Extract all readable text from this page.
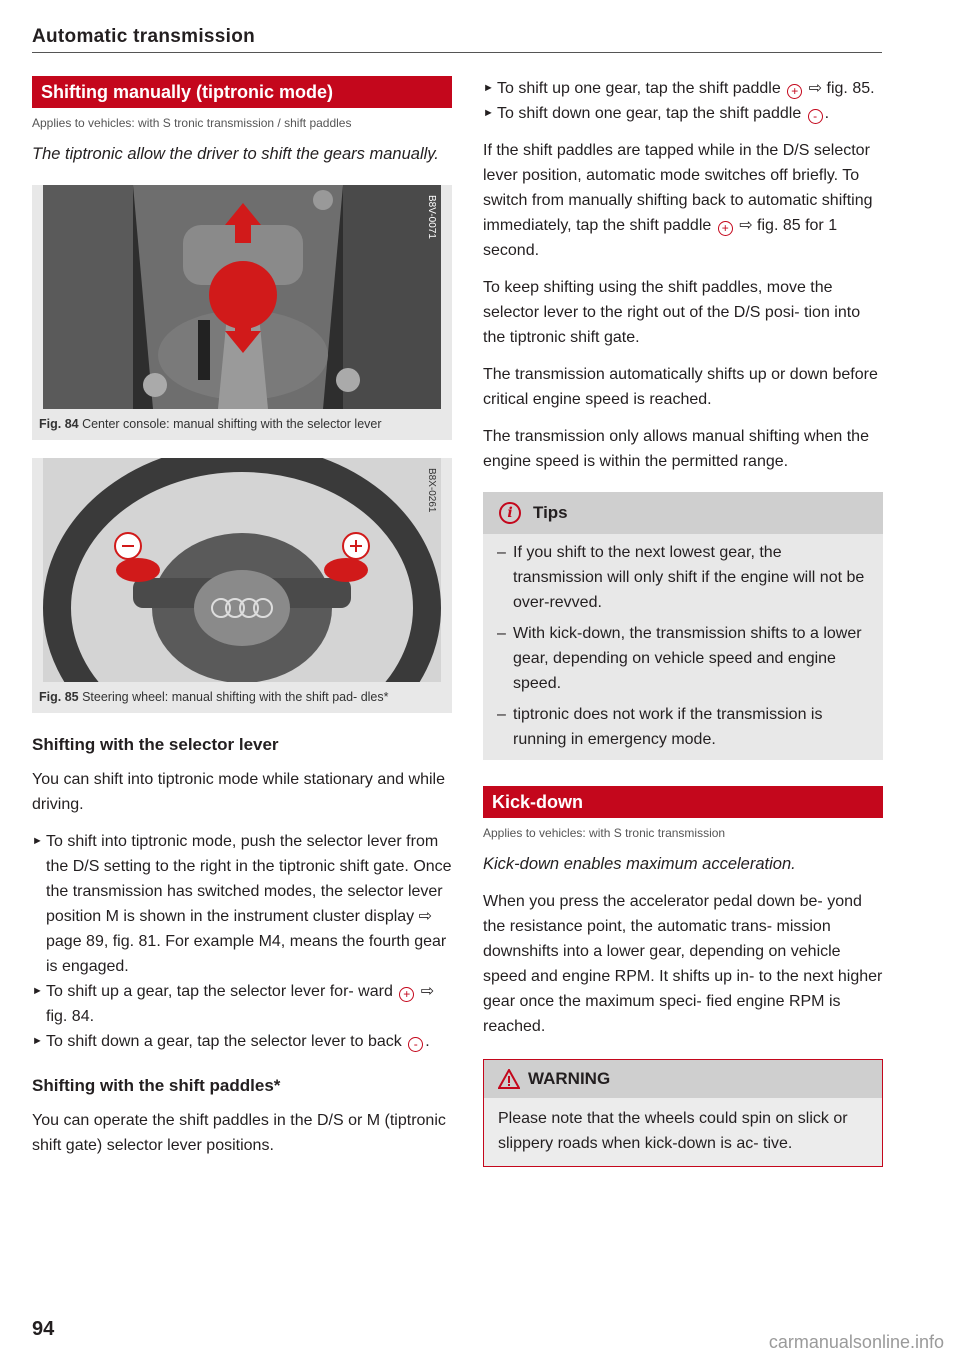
Automatic transmission
Shifting manually (tiptronic mode)
Applies to vehicles: with S tronic transmission / shift paddles
The tiptronic allow the driver to shift the gears manually.
B8V-0071
Fig. 84 Center console: manual shifting with the selector lever
B8X-0261
Fig. 85 Steering wheel: manual shifting with the shift pad- dles*
Shifting with the selector lever

You can shift into tiptronic mode while stationary and while driving.

► To shift into tiptronic mode, push the selector lever from the D/S setting to the right in the tiptronic shift gate. Once the transmission has switched modes, the selector lever position M is shown in the instrument cluster display ⇨ page 89, fig. 81. For example M4, means the fourth gear is engaged.
► To shift up a gear, tap the selector lever for- ward + ⇨ fig. 84.
► To shift down a gear, tap the selector lever to back - .
Shifting with the shift paddles*

You can operate the shift paddles in the D/S or M (tiptronic shift gate) selector lever positions.

► To shift up one gear, tap the shift paddle + ⇨ fig. 85.
► To shift down one gear, tap the shift paddle - .

If the shift paddles are tapped while in the D/S selector lever position, automatic mode switches off briefly. To switch from manually shifting back to automatic shifting immediately, tap the shift paddle + ⇨ fig. 85 for 1 second.

To keep shifting using the shift paddles, move the selector lever to the right out of the D/S posi- tion into the tiptronic shift gate.

The transmission automatically shifts up or down before critical engine speed is reached.

The transmission only allows manual shifting when the engine speed is within the permitted range.

i	Tips
– If you shift to the next lowest gear, the transmission will only shift if the engine will not be over-revved.
– With kick-down, the transmission shifts to a lower gear, depending on vehicle speed and engine speed.
– tiptronic does not work if the transmission is running in emergency mode.
Kick-down
Applies to vehicles: with S tronic transmission
Kick-down enables maximum acceleration.

When you press the accelerator pedal down be- yond the resistance point, the automatic trans- mission downshifts into a lower gear, depending on vehicle speed and engine RPM. It shifts up in- to the next higher gear once the maximum speci- fied engine RPM is reached.

WARNING
Please note that the wheels could spin on slick or slippery roads when kick-down is ac- tive.
94
carmanualsonline.info
